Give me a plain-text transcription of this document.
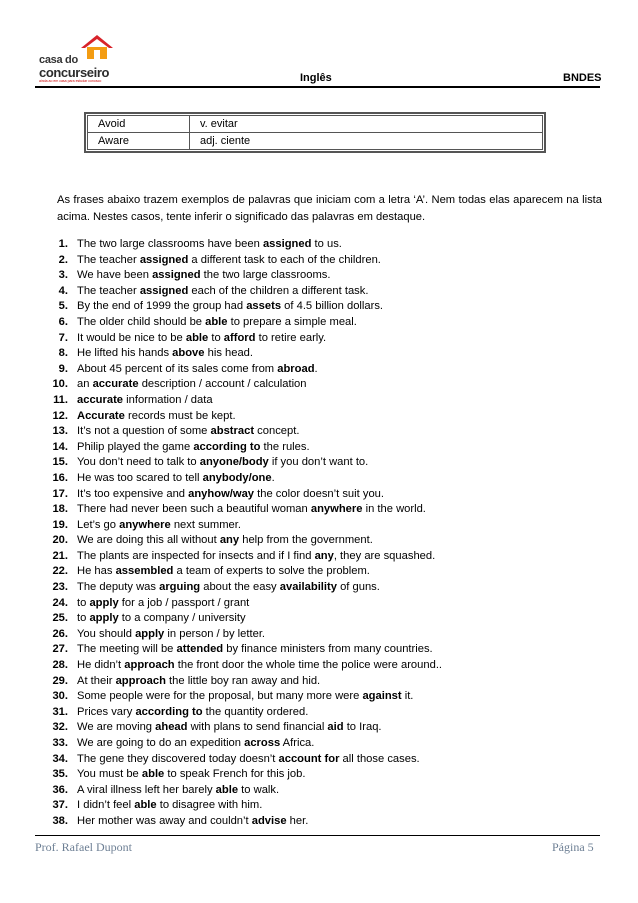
casa do
concurseiro
ainda ao em casa para estudar conosco	Inglês	BNDES
Avoid	v. evitar
Aware	adj. ciente
As frases abaixo trazem exemplos de palavras que iniciam com a letra ‘A’. Nem todas elas aparecem na lista acima. Nestes casos, tente inferir o significado das palavras em destaque.
1. The two large classrooms have been assigned to us.
2. The teacher assigned a different task to each of the children.
3. We have been assigned the two large classrooms.
4. The teacher assigned each of the children a different task.
5. By the end of 1999 the group had assets of 4.5 billion dollars.
6. The older child should be able to prepare a simple meal.
7. It would be nice to be able to afford to retire early.
8. He lifted his hands above his head.
9. About 45 percent of its sales come from abroad.
10. an accurate description / account / calculation
11. accurate information / data
12. Accurate records must be kept.
13. It’s not a question of some abstract concept.
14. Philip played the game according to the rules.
15. You don’t need to talk to anyone/body if you don’t want to.
16. He was too scared to tell anybody/one.
17. It’s too expensive and anyhow/way the color doesn’t suit you.
18. There had never been such a beautiful woman anywhere in the world.
19. Let’s go anywhere next summer.
20. We are doing this all without any help from the government.
21. The plants are inspected for insects and if I find any, they are squashed.
22. He has assembled a team of experts to solve the problem.
23. The deputy was arguing about the easy availability of guns.
24. to apply for a job / passport / grant
25. to apply to a company / university
26. You should apply in person / by letter.
27. The meeting will be attended by finance ministers from many countries.
28. He didn’t approach the front door the whole time the police were around..
29. At their approach the little boy ran away and hid.
30. Some people were for the proposal, but many more were against it.
31. Prices vary according to the quantity ordered.
32. We are moving ahead with plans to send financial aid to Iraq.
33. We are going to do an expedition across Africa.
34. The gene they discovered today doesn’t account for all those cases.
35. You must be able to speak French for this job.
36. A viral illness left her barely able to walk.
37. I didn’t feel able to disagree with him.
38. Her mother was away and couldn’t advise her.
Prof. Rafael Dupont	Página 5
